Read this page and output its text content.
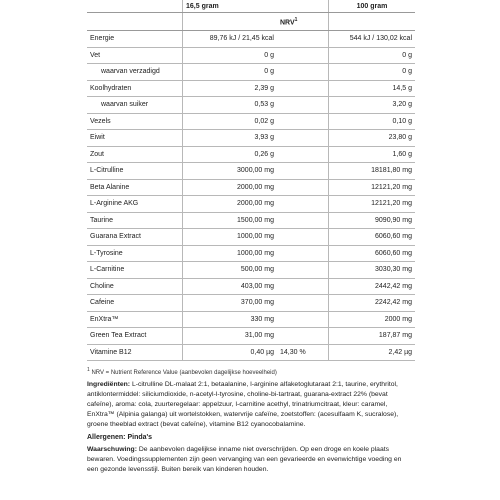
	16,5 gram		100 gram
		NRV$^1$	
Energie	89,76 kJ / 21,45 kcal		544 kJ / 130,02 kcal
Vet	0 g		0 g
waarvan verzadigd	0 g		0 g
Koolhydraten	2,39 g		14,5 g
waarvan suiker	0,53 g		3,20 g
Vezels	0,02 g		0,10 g
Eiwit	3,93 g		23,80 g
Zout	0,26 g		1,60 g
L-Citrulline	3000,00 mg		18181,80 mg
Beta Alanine	2000,00 mg		12121,20 mg
L-Arginine AKG	2000,00 mg		12121,20 mg
Taurine	1500,00 mg		9090,90 mg
Guarana Extract	1000,00 mg		6060,60 mg
L-Tyrosine	1000,00 mg		6060,60 mg
L-Carnitine	500,00 mg		3030,30 mg
Choline	403,00 mg		2442,42 mg
Cafeine	370,00 mg		2242,42 mg
EnXtra™	330 mg		2000 mg
Green Tea Extract	31,00 mg		187,87 mg
Vitamine B12	0,40 µg	14,30 %	2,42 µg
$^1$ NRV = Nutrient Reference Value (aanbevolen dagelijkse hoeveelheid)
Ingrediënten: L-citrulline DL-malaat 2:1, betaalanine, l-arginine alfaketoglutaraat 2:1, taurine, erythritol, antiklontermiddel: siliciumdioxide, n-acetyl-l-tyrosine, choline-bi-tartraat, guarana-extract 22% (bevat cafeïne), aroma: cola, zuurteregelaar: appelzuur, l-carnitine acethyl, trinatriumcitraat, kleur: caramel, EnXtra™ (Alpinia galanga) uit wortelstokken, watervrije cafeïne, zoetstoffen: (acesulfaam K, sucralose), groene theeblad extract (bevat cafeïne), vitamine B12 cyanocobalamine.
Allergenen: Pinda's
Waarschuwing: De aanbevolen dagelijkse inname niet overschrijden. Op een droge en koele plaats bewaren. Voedingssupplementen zijn geen vervanging van een gevarieerde en evenwichtige voeding en een gezonde levensstijl. Buiten bereik van kinderen houden.
